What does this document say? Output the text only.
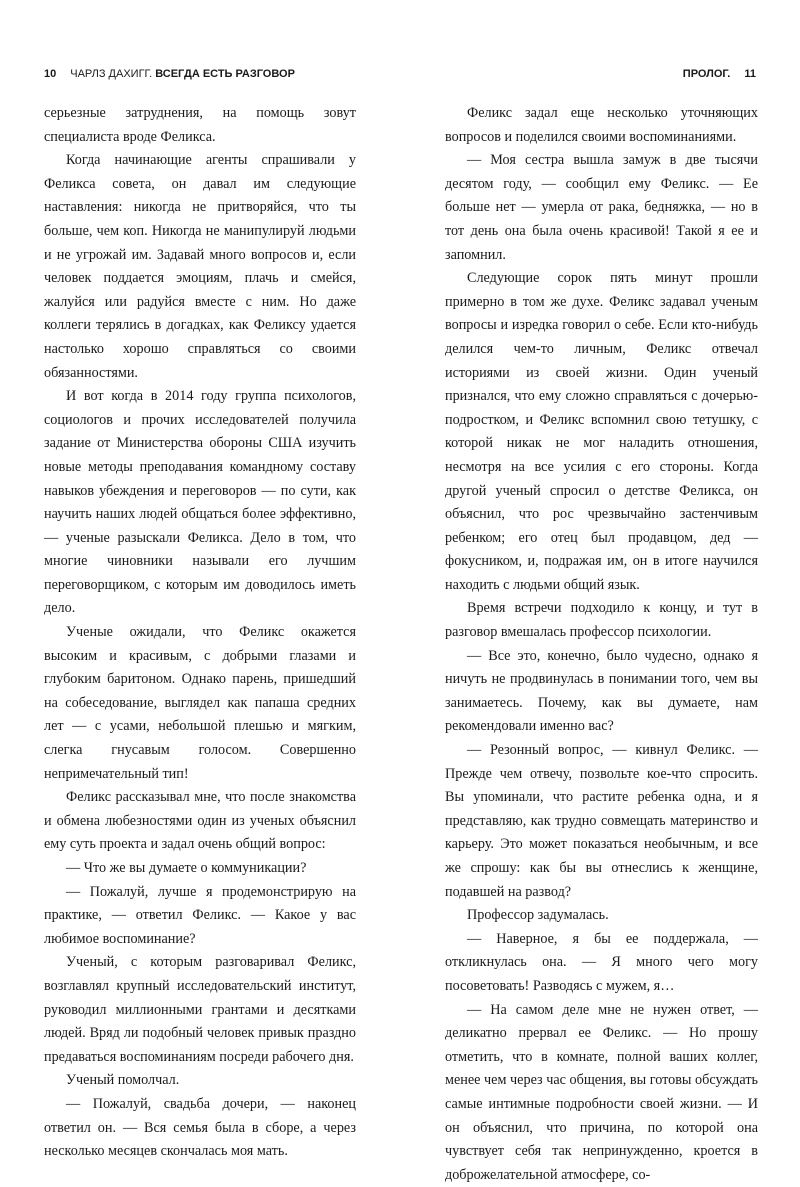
10 ЧАРЛЗ ДАХИГГ. ВСЕГДА ЕСТЬ РАЗГОВОР

серьезные затруднения, на помощь зовут специалиста вроде Феликса.

Когда начинающие агенты спрашивали у Феликса совета, он давал им следующие наставления: никогда не притворяйся, что ты больше, чем коп. Никогда не манипулируй людьми и не угрожай им. Задавай много вопросов и, если человек поддается эмоциям, плачь и смейся, жалуйся или радуйся вместе с ним. Но даже коллеги терялись в догадках, как Феликсу удается настолько хорошо справляться со своими обязанностями.

И вот когда в 2014 году группа психологов, социологов и прочих исследователей получила задание от Министерства обороны США изучить новые методы преподавания командному составу навыков убеждения и переговоров — по сути, как научить наших людей общаться более эффективно, — ученые разыскали Феликса. Дело в том, что многие чиновники называли его лучшим переговорщиком, с которым им доводилось иметь дело.

Ученые ожидали, что Феликс окажется высоким и красивым, с добрыми глазами и глубоким баритоном. Однако парень, пришедший на собеседование, выглядел как папаша средних лет — с усами, небольшой плешью и мягким, слегка гнусавым голосом. Совершенно непримечательный тип!

Феликс рассказывал мне, что после знакомства и обмена любезностями один из ученых объяснил ему суть проекта и задал очень общий вопрос:

— Что же вы думаете о коммуникации?

— Пожалуй, лучше я продемонстрирую на практике, — ответил Феликс. — Какое у вас любимое воспоминание?

Ученый, с которым разговаривал Феликс, возглавлял крупный исследовательский институт, руководил миллионными грантами и десятками людей. Вряд ли подобный человек привык праздно предаваться воспоминаниям посреди рабочего дня.

Ученый помолчал.

— Пожалуй, свадьба дочери, — наконец ответил он. — Вся семья была в сборе, а через несколько месяцев скончалась моя мать.

ПРОЛОГ. 11

Феликс задал еще несколько уточняющих вопросов и поделился своими воспоминаниями.

— Моя сестра вышла замуж в две тысячи десятом году, — сообщил ему Феликс. — Ее больше нет — умерла от рака, бедняжка, — но в тот день она была очень красивой! Такой я ее и запомнил.

Следующие сорок пять минут прошли примерно в том же духе. Феликс задавал ученым вопросы и изредка говорил о себе. Если кто-нибудь делился чем-то личным, Феликс отвечал историями из своей жизни. Один ученый признался, что ему сложно справляться с дочерью-подростком, и Феликс вспомнил свою тетушку, с которой никак не мог наладить отношения, несмотря на все усилия с его стороны. Когда другой ученый спросил о детстве Феликса, он объяснил, что рос чрезвычайно застенчивым ребенком; его отец был продавцом, дед — фокусником, и, подражая им, он в итоге научился находить с людьми общий язык.

Время встречи подходило к концу, и тут в разговор вмешалась профессор психологии.

— Все это, конечно, было чудесно, однако я ничуть не продвинулась в понимании того, чем вы занимаетесь. Почему, как вы думаете, нам рекомендовали именно вас?

— Резонный вопрос, — кивнул Феликс. — Прежде чем отвечу, позвольте кое-что спросить. Вы упоминали, что растите ребенка одна, и я представляю, как трудно совмещать материнство и карьеру. Это может показаться необычным, и все же спрошу: как бы вы отнеслись к женщине, подавшей на развод?

Профессор задумалась.

— Наверное, я бы ее поддержала, — откликнулась она. — Я много чего могу посоветовать! Разводясь с мужем, я…

— На самом деле мне не нужен ответ, — деликатно прервал ее Феликс. — Но прошу отметить, что в комнате, полной ваших коллег, менее чем через час общения, вы готовы обсуждать самые интимные подробности своей жизни. — И он объяснил, что причина, по которой она чувствует себя так непринужденно, кроется в доброжелательной атмосфере, со-
